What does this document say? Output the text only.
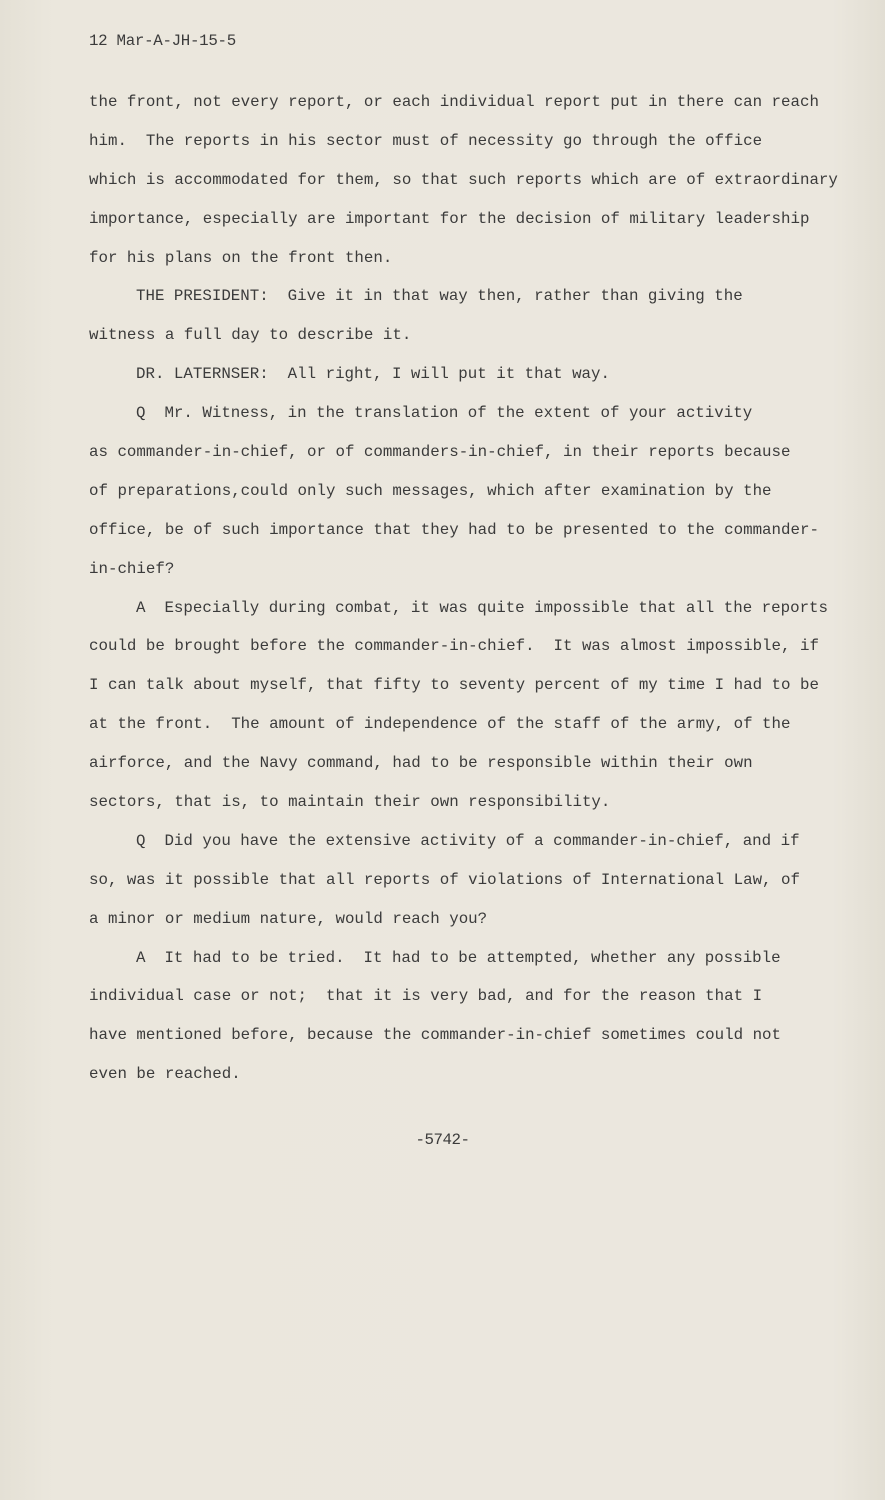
12 Mar-A-JH-15-5
the front, not every report, or each individual report put in there can reach
him.  The reports in his sector must of necessity go through the office
which is accommodated for them, so that such reports which are of extraordinary
importance, especially are important for the decision of military leadership
for his plans on the front then.
THE PRESIDENT:  Give it in that way then, rather than giving the
witness a full day to describe it.
DR. LATERNSER:  All right, I will put it that way.
Q  Mr. Witness, in the translation of the extent of your activity
as commander-in-chief, or of commanders-in-chief, in their reports because
of preparations,could only such messages, which after examination by the
office, be of such importance that they had to be presented to the commander-
in-chief?
A  Especially during combat, it was quite impossible that all the reports
could be brought before the commander-in-chief.  It was almost impossible, if
I can talk about myself, that fifty to seventy percent of my time I had to be
at the front.  The amount of independence of the staff of the army, of the
airforce, and the Navy command, had to be responsible within their own
sectors, that is, to maintain their own responsibility.
Q  Did you have the extensive activity of a commander-in-chief, and if
so, was it possible that all reports of violations of International Law, of
a minor or medium nature, would reach you?
A  It had to be tried.  It had to be attempted, whether any possible
individual case or not;  that it is very bad, and for the reason that I
have mentioned before, because the commander-in-chief sometimes could not
even be reached.
-5742-
